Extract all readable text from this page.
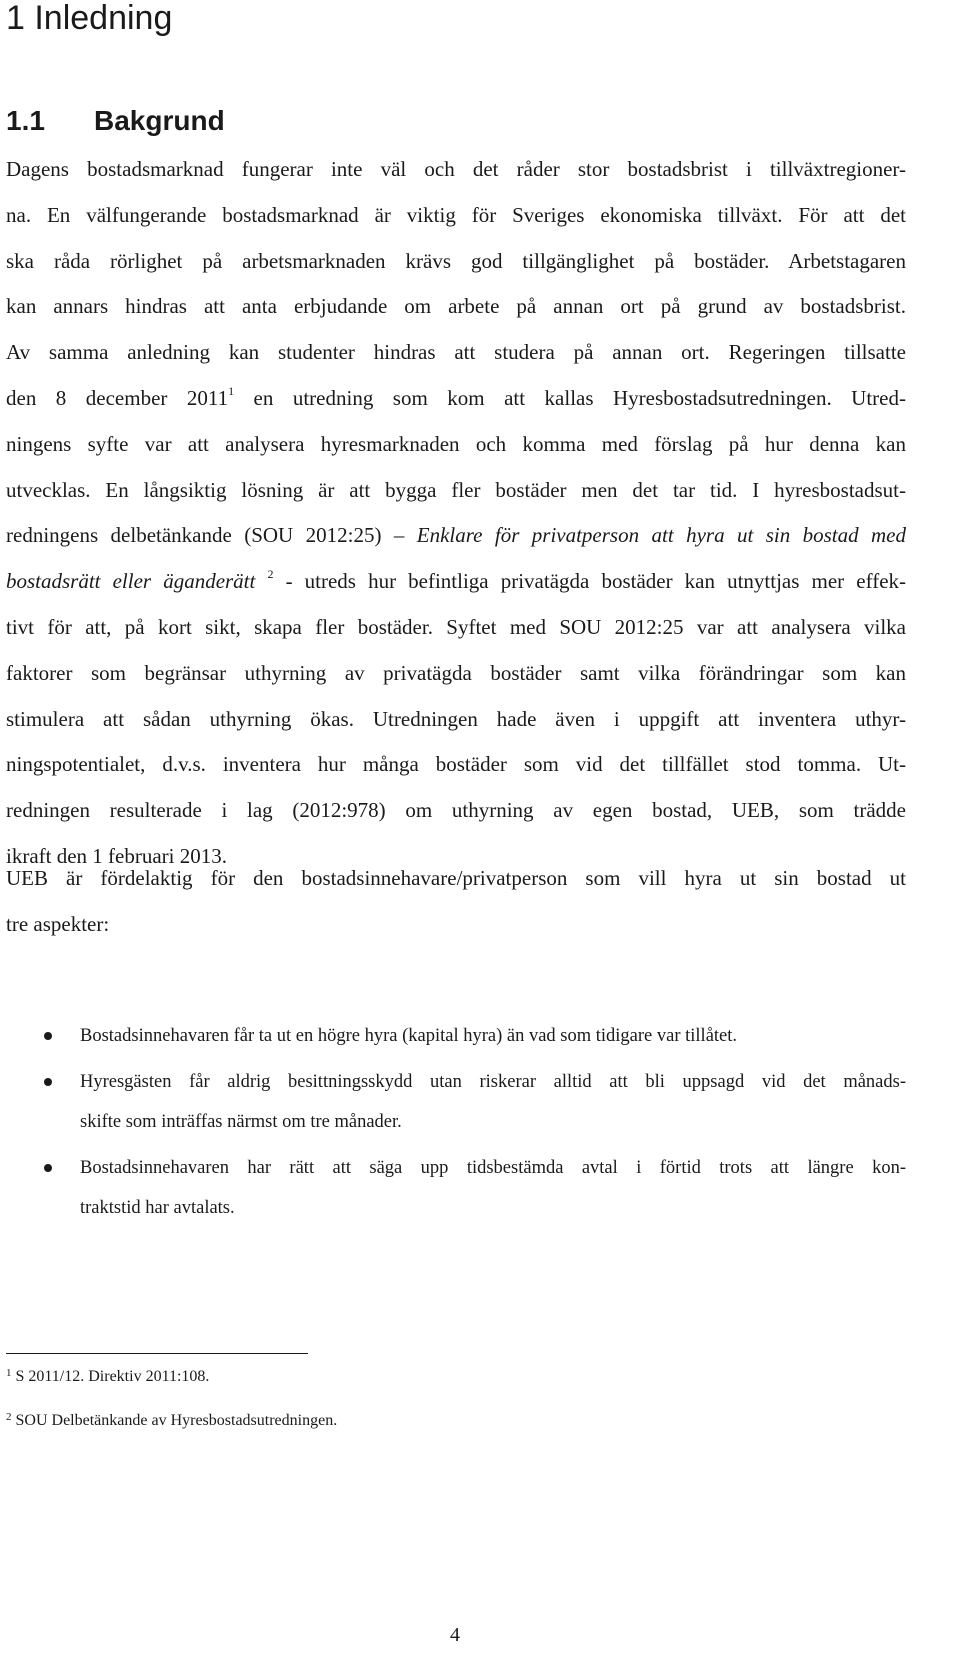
1 Inledning
1.1 Bakgrund
Dagens bostadsmarknad fungerar inte väl och det råder stor bostadsbrist i tillväxtregioner-
na. En välfungerande bostadsmarknad är viktig för Sveriges ekonomiska tillväxt. För att det
ska råda rörlighet på arbetsmarknaden krävs god tillgänglighet på bostäder. Arbetstagaren
kan annars hindras att anta erbjudande om arbete på annan ort på grund av bostadsbrist.
Av samma anledning kan studenter hindras att studera på annan ort. Regeringen tillsatte
den 8 december 2011$^1$ en utredning som kom att kallas Hyresbostadsutredningen. Utred-
ningens syfte var att analysera hyresmarknaden och komma med förslag på hur denna kan
utvecklas. En långsiktig lösning är att bygga fler bostäder men det tar tid. I hyresbostadsut-
redningens delbetänkande (SOU 2012:25) – Enklare för privatperson att hyra ut sin bostad med
bostadsrätt eller äganderätt $^2$ - utreds hur befintliga privatägda bostäder kan utnyttjas mer effek-
tivt för att, på kort sikt, skapa fler bostäder. Syftet med SOU 2012:25 var att analysera vilka
faktorer som begränsar uthyrning av privatägda bostäder samt vilka förändringar som kan
stimulera att sådan uthyrning ökas. Utredningen hade även i uppgift att inventera uthyr-
ningspotentialet, d.v.s. inventera hur många bostäder som vid det tillfället stod tomma. Ut-
redningen resulterade i lag (2012:978) om uthyrning av egen bostad, UEB, som trädde
ikraft den 1 februari 2013.
UEB är fördelaktig för den bostadsinnehavare/privatperson som vill hyra ut sin bostad ut
tre aspekter:
Bostadsinnehavaren får ta ut en högre hyra (kapital hyra) än vad som tidigare var tillåtet.
Hyresgästen får aldrig besittningsskydd utan riskerar alltid att bli uppsagd vid det månads-
skifte som inträffas närmst om tre månader.
Bostadsinnehavaren har rätt att säga upp tidsbestämda avtal i förtid trots att längre kon-
traktstid har avtalats.
$^1$ S 2011/12. Direktiv 2011:108.
$^2$ SOU Delbetänkande av Hyresbostadsutredningen.
4
